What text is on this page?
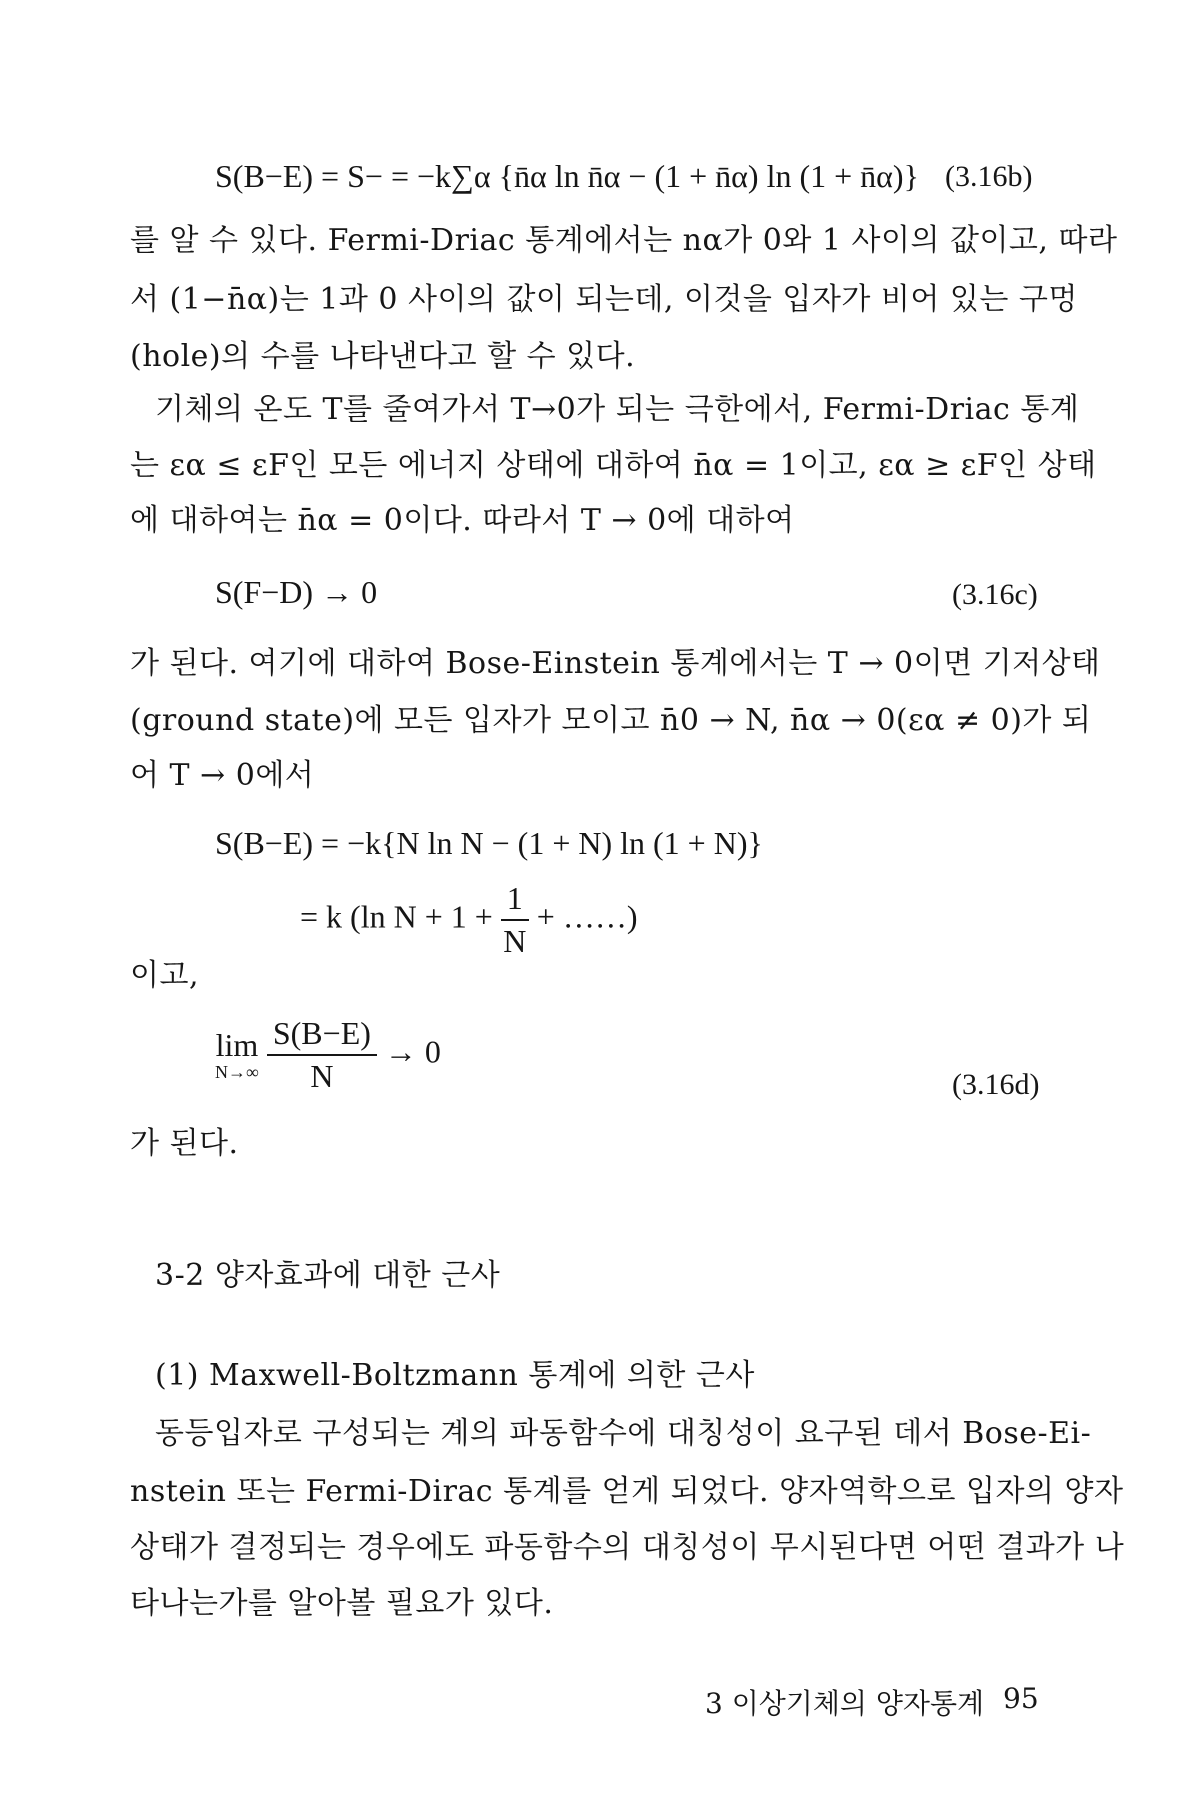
S(B−E) = S− = −k∑α {n̄α ln n̄α − (1 + n̄α) ln (1 + n̄α)} (3.16b)
를 알 수 있다. Fermi-Driac 통계에서는 nα가 0와 1 사이의 값이고, 따라
서 (1−n̄α)는 1과 0 사이의 값이 되는데, 이것을 입자가 비어 있는 구멍
(hole)의 수를 나타낸다고 할 수 있다.
기체의 온도 T를 줄여가서 T→0가 되는 극한에서, Fermi-Driac 통계
는 εα ≤ εF인 모든 에너지 상태에 대하여 n̄α = 1이고, εα ≥ εF인 상태
에 대하여는 n̄α = 0이다. 따라서 T → 0에 대하여
S(F−D) → 0	(3.16c)
가 된다. 여기에 대하여 Bose-Einstein 통계에서는 T → 0이면 기저상태
(ground state)에 모든 입자가 모이고 n̄0 → N, n̄α → 0(εα ≠ 0)가 되
어 T → 0에서
S(B−E) = −k{N ln N − (1 + N) ln (1 + N)}
= k (ln $N + 1 + \frac{1}{N}$ + ……)
이고,
lim
N→∞
$\frac{S(B-E)}{N} \to 0$
(3.16d)
가 된다.
3-2 양자효과에 대한 근사
(1) Maxwell-Boltzmann 통계에 의한 근사
동등입자로 구성되는 계의 파동함수에 대칭성이 요구된 데서 Bose-Ei-
nstein 또는 Fermi-Dirac 통계를 얻게 되었다. 양자역학으로 입자의 양자
상태가 결정되는 경우에도 파동함수의 대칭성이 무시된다면 어떤 결과가 나
타나는가를 알아볼 필요가 있다.
3 이상기체의 양자통계 95
